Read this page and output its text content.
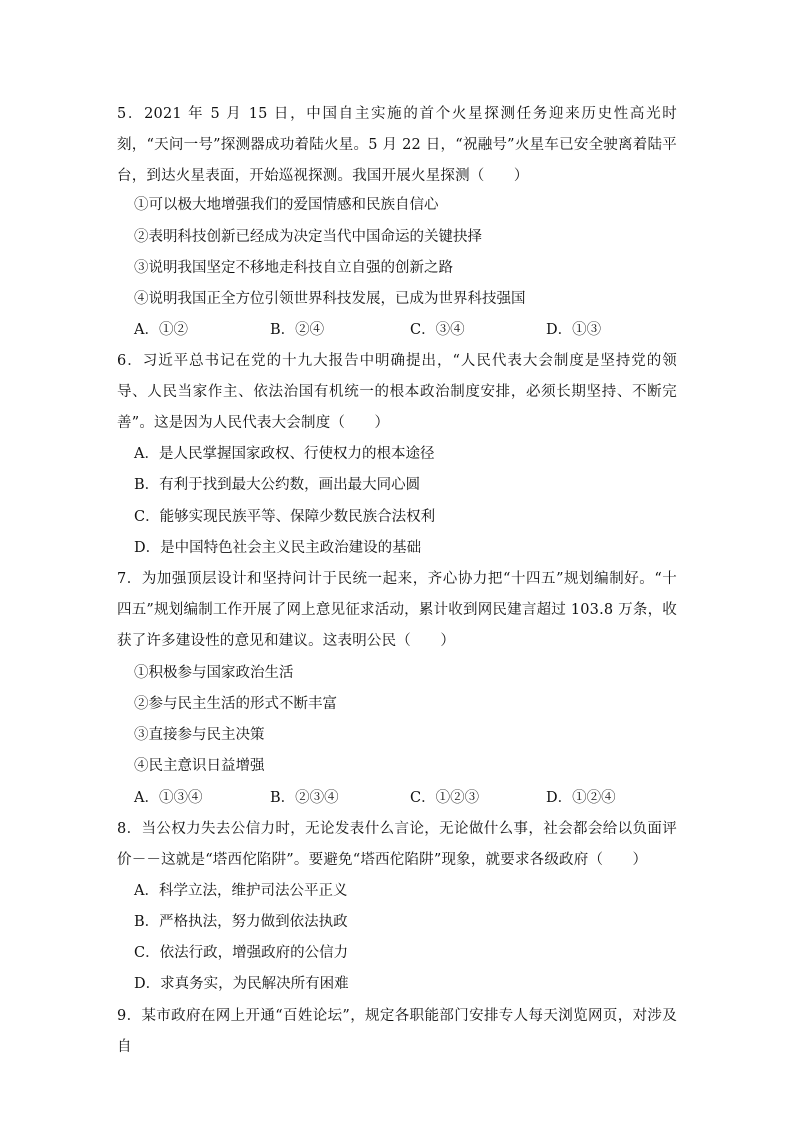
5．2021 年 5 月 15 日，中国自主实施的首个火星探测任务迎来历史性高光时刻，“天问一号”探测器成功着陆火星。5 月 22 日，“祝融号”火星车已安全驶离着陆平台，到达火星表面，开始巡视探测。我国开展火星探测（　　）
①可以极大地增强我们的爱国情感和民族自信心
②表明科技创新已经成为决定当代中国命运的关键抉择
③说明我国坚定不移地走科技自立自强的创新之路
④说明我国正全方位引领世界科技发展，已成为世界科技强国
A．①②	B．②④	C．③④	D．①③
6．习近平总书记在党的十九大报告中明确提出，“人民代表大会制度是坚持党的领导、人民当家作主、依法治国有机统一的根本政治制度安排，必须长期坚持、不断完善”。这是因为人民代表大会制度（　　）
A．是人民掌握国家政权、行使权力的根本途径
B．有利于找到最大公约数，画出最大同心圆
C．能够实现民族平等、保障少数民族合法权利
D．是中国特色社会主义民主政治建设的基础
7．为加强顶层设计和坚持问计于民统一起来，齐心协力把“十四五”规划编制好。“十四五”规划编制工作开展了网上意见征求活动，累计收到网民建言超过 103.8 万条，收获了许多建设性的意见和建议。这表明公民（　　）
①积极参与国家政治生活
②参与民主生活的形式不断丰富
③直接参与民主决策
④民主意识日益增强
A．①③④	B．②③④	C．①②③	D．①②④
8．当公权力失去公信力时，无论发表什么言论，无论做什么事，社会都会给以负面评价－－这就是“塔西佗陷阱”。要避免“塔西佗陷阱”现象，就要求各级政府（　　）
A．科学立法，维护司法公平正义
B．严格执法，努力做到依法执政
C．依法行政，增强政府的公信力
D．求真务实，为民解决所有困难
9．某市政府在网上开通“百姓论坛”，规定各职能部门安排专人每天浏览网页，对涉及自
